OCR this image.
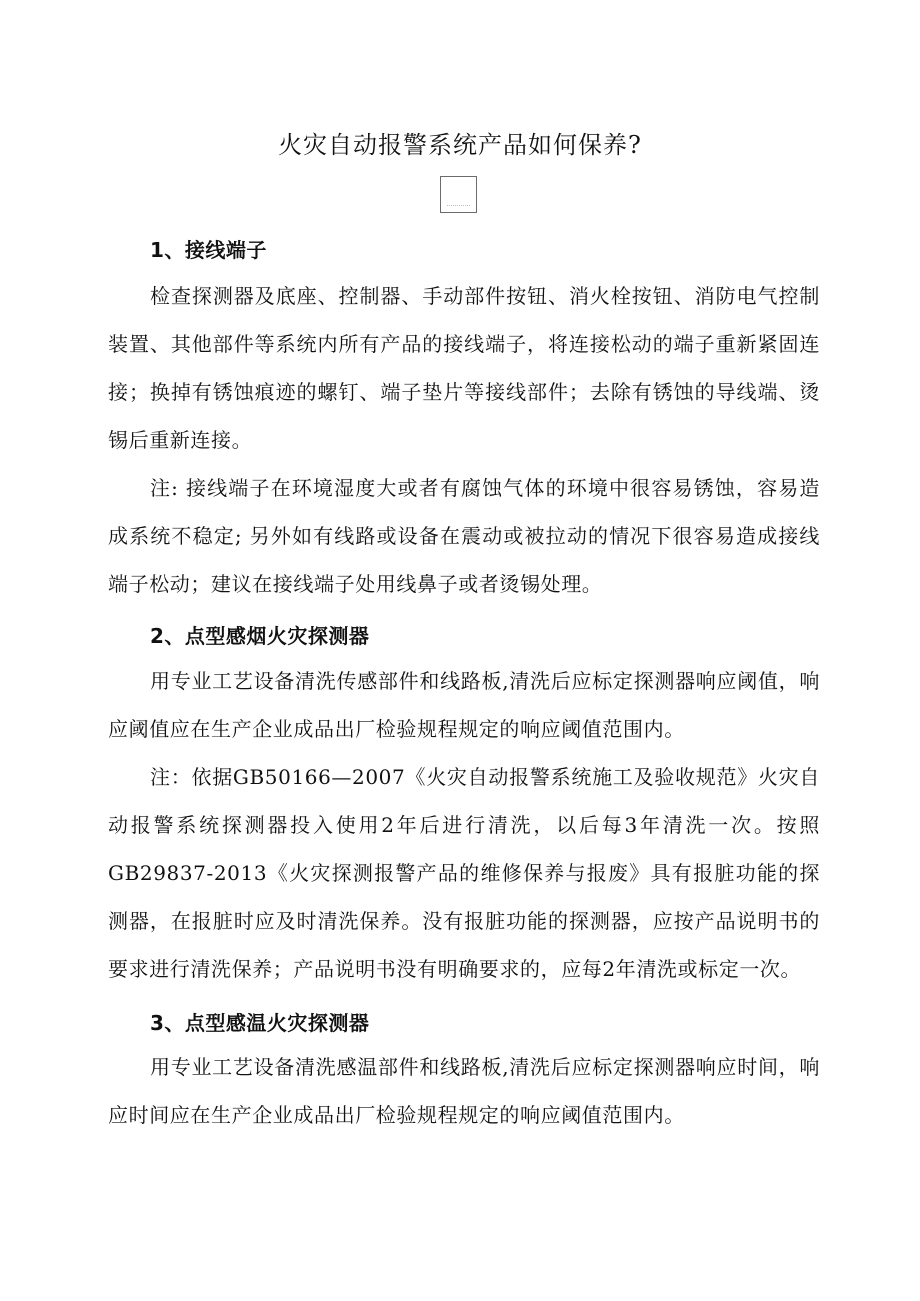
火灾自动报警系统产品如何保养?
1、接线端子

检查探测器及底座、控制器、手动部件按钮、消火栓按钮、消防电气控制装置、其他部件等系统内所有产品的接线端子，将连接松动的端子重新紧固连接；换掉有锈蚀痕迹的螺钉、端子垫片等接线部件；去除有锈蚀的导线端、烫锡后重新连接。

注: 接线端子在环境湿度大或者有腐蚀气体的环境中很容易锈蚀，容易造成系统不稳定; 另外如有线路或设备在震动或被拉动的情况下很容易造成接线端子松动；建议在接线端子处用线鼻子或者烫锡处理。

2、点型感烟火灾探测器

用专业工艺设备清洗传感部件和线路板,清洗后应标定探测器响应阈值，响应阈值应在生产企业成品出厂检验规程规定的响应阈值范围内。

注：依据GB50166—2007《火灾自动报警系统施工及验收规范》火灾自动报警系统探测器投入使用2年后进行清洗，以后每3年清洗一次。按照GB29837-2013《火灾探测报警产品的维修保养与报废》具有报脏功能的探测器，在报脏时应及时清洗保养。没有报脏功能的探测器，应按产品说明书的要求进行清洗保养；产品说明书没有明确要求的，应每2年清洗或标定一次。

3、点型感温火灾探测器

用专业工艺设备清洗感温部件和线路板,清洗后应标定探测器响应时间，响应时间应在生产企业成品出厂检验规程规定的响应阈值范围内。
